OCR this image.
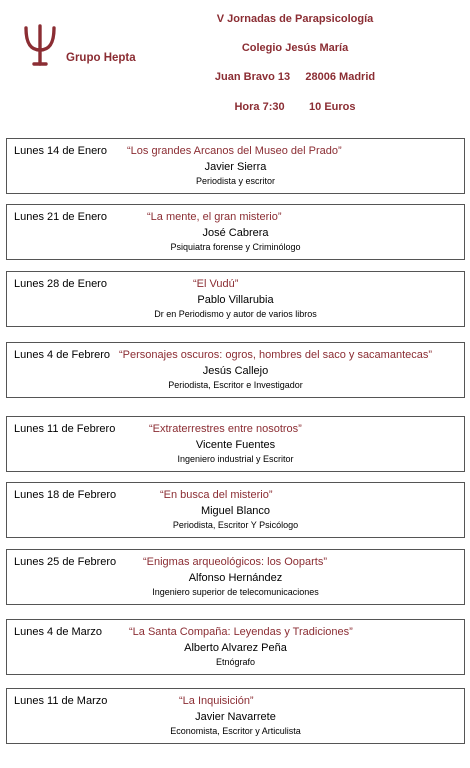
Grupo Hepta
V Jornadas de Parapsicología
Colegio Jesús María
Juan Bravo 13     28006 Madrid
Hora 7:30        10 Euros
Lunes 14 de Enero “Los grandes Arcanos del Museo del Prado”
Javier Sierra
Periodista y escritor
Lunes 21 de Enero	“La mente, el gran misterio”
José Cabrera
Psiquiatra forense y Criminólogo
Lunes 28 de Enero	“El Vudú”
Pablo Villarubia
Dr en Periodismo y autor de varios libros
Lunes 4 de Febrero “Personajes oscuros: ogros, hombres del saco y sacamantecas”
Jesús Callejo
Periodista, Escritor e Investigador
Lunes 11 de Febrero	“Extraterrestres entre nosotros”
Vicente Fuentes
Ingeniero industrial y Escritor
Lunes 18 de Febrero	“En busca del misterio”
Miguel Blanco
Periodista, Escritor Y Psicólogo
Lunes 25 de Febrero “Enigmas arqueológicos: los Ooparts”
Alfonso Hernández
Ingeniero superior de telecomunicaciones
Lunes 4 de Marzo “La Santa Compaña: Leyendas y Tradiciones”
Alberto Alvarez Peña
Etnógrafo
Lunes 11 de Marzo	“La Inquisición”
Javier Navarrete
Economista, Escritor y Articulista
